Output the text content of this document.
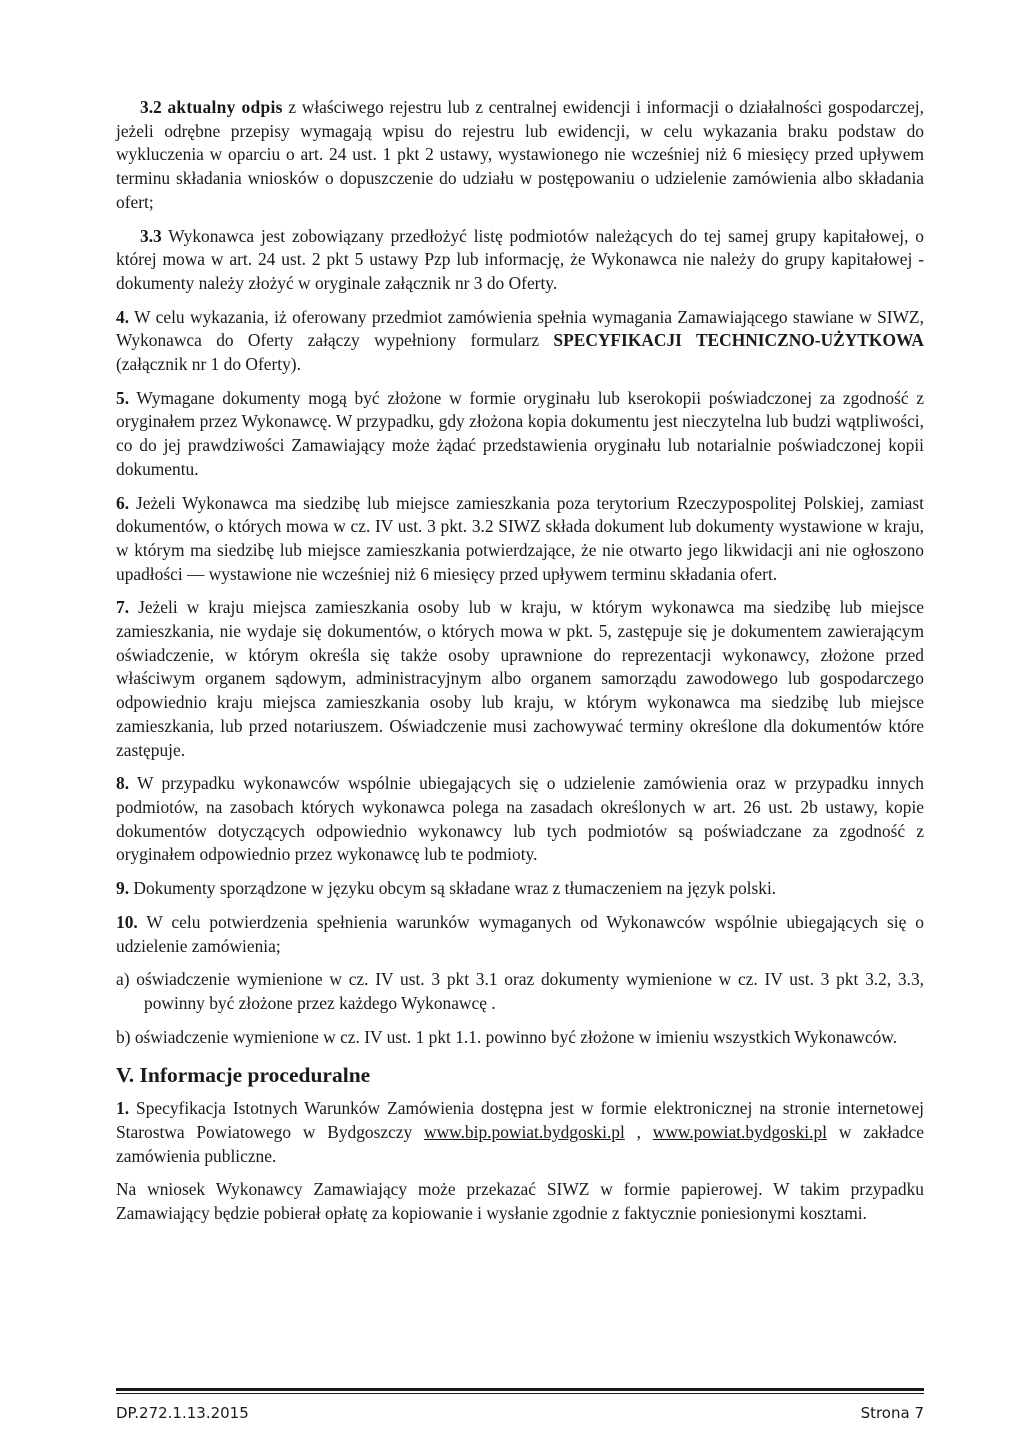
3.2 aktualny odpis z właściwego rejestru lub z centralnej ewidencji i informacji o działalności gospodarczej, jeżeli odrębne przepisy wymagają wpisu do rejestru lub ewidencji, w celu wykazania braku podstaw do wykluczenia w oparciu o art. 24 ust. 1 pkt 2 ustawy, wystawionego nie wcześniej niż 6 miesięcy przed upływem terminu składania wniosków o dopuszczenie do udziału w postępowaniu o udzielenie zamówienia albo składania ofert;

3.3 Wykonawca jest zobowiązany przedłożyć listę podmiotów należących do tej samej grupy kapitałowej, o której mowa w art. 24 ust. 2 pkt 5 ustawy Pzp lub informację, że Wykonawca nie należy do grupy kapitałowej - dokumenty należy złożyć w oryginale załącznik nr 3 do Oferty.

4. W celu wykazania, iż oferowany przedmiot zamówienia spełnia wymagania Zamawiającego stawiane w SIWZ, Wykonawca do Oferty załączy wypełniony formularz SPECYFIKACJI TECHNICZNO-UŻYTKOWA (załącznik nr 1 do Oferty).

5. Wymagane dokumenty mogą być złożone w formie oryginału lub kserokopii poświadczonej za zgodność z oryginałem przez Wykonawcę. W przypadku, gdy złożona kopia dokumentu jest nieczytelna lub budzi wątpliwości, co do jej prawdziwości Zamawiający może żądać przedstawienia oryginału lub notarialnie poświadczonej kopii dokumentu.

6. Jeżeli Wykonawca ma siedzibę lub miejsce zamieszkania poza terytorium Rzeczypospolitej Polskiej, zamiast dokumentów, o których mowa w cz. IV ust. 3 pkt. 3.2 SIWZ składa dokument lub dokumenty wystawione w kraju, w którym ma siedzibę lub miejsce zamieszkania potwierdzające, że nie otwarto jego likwidacji ani nie ogłoszono upadłości — wystawione nie wcześniej niż 6 miesięcy przed upływem terminu składania ofert.

7. Jeżeli w kraju miejsca zamieszkania osoby lub w kraju, w którym wykonawca ma siedzibę lub miejsce zamieszkania, nie wydaje się dokumentów, o których mowa w pkt. 5, zastępuje się je dokumentem zawierającym oświadczenie, w którym określa się także osoby uprawnione do reprezentacji wykonawcy, złożone przed właściwym organem sądowym, administracyjnym albo organem samorządu zawodowego lub gospodarczego odpowiednio kraju miejsca zamieszkania osoby lub kraju, w którym wykonawca ma siedzibę lub miejsce zamieszkania, lub przed notariuszem. Oświadczenie musi zachowywać terminy określone dla dokumentów które zastępuje.

8. W przypadku wykonawców wspólnie ubiegających się o udzielenie zamówienia oraz w przypadku innych podmiotów, na zasobach których wykonawca polega na zasadach określonych w art. 26 ust. 2b ustawy, kopie dokumentów dotyczących odpowiednio wykonawcy lub tych podmiotów są poświadczane za zgodność z oryginałem odpowiednio przez wykonawcę lub te podmioty.

9. Dokumenty sporządzone w języku obcym są składane wraz z tłumaczeniem na język polski.

10. W celu potwierdzenia spełnienia warunków wymaganych od Wykonawców wspólnie ubiegających się o udzielenie zamówienia;

a) oświadczenie wymienione w cz. IV ust. 3 pkt 3.1 oraz dokumenty wymienione w cz. IV ust. 3 pkt 3.2, 3.3, powinny być złożone przez każdego Wykonawcę .

b) oświadczenie wymienione w cz. IV ust. 1 pkt 1.1. powinno być złożone w imieniu wszystkich Wykonawców.

V. Informacje proceduralne

1. Specyfikacja Istotnych Warunków Zamówienia dostępna jest w formie elektronicznej na stronie internetowej Starostwa Powiatowego w Bydgoszczy www.bip.powiat.bydgoski.pl , www.powiat.bydgoski.pl w zakładce zamówienia publiczne.

Na wniosek Wykonawcy Zamawiający może przekazać SIWZ w formie papierowej. W takim przypadku Zamawiający będzie pobierał opłatę za kopiowanie i wysłanie zgodnie z faktycznie poniesionymi kosztami.

DP.272.1.13.2015	Strona 7
